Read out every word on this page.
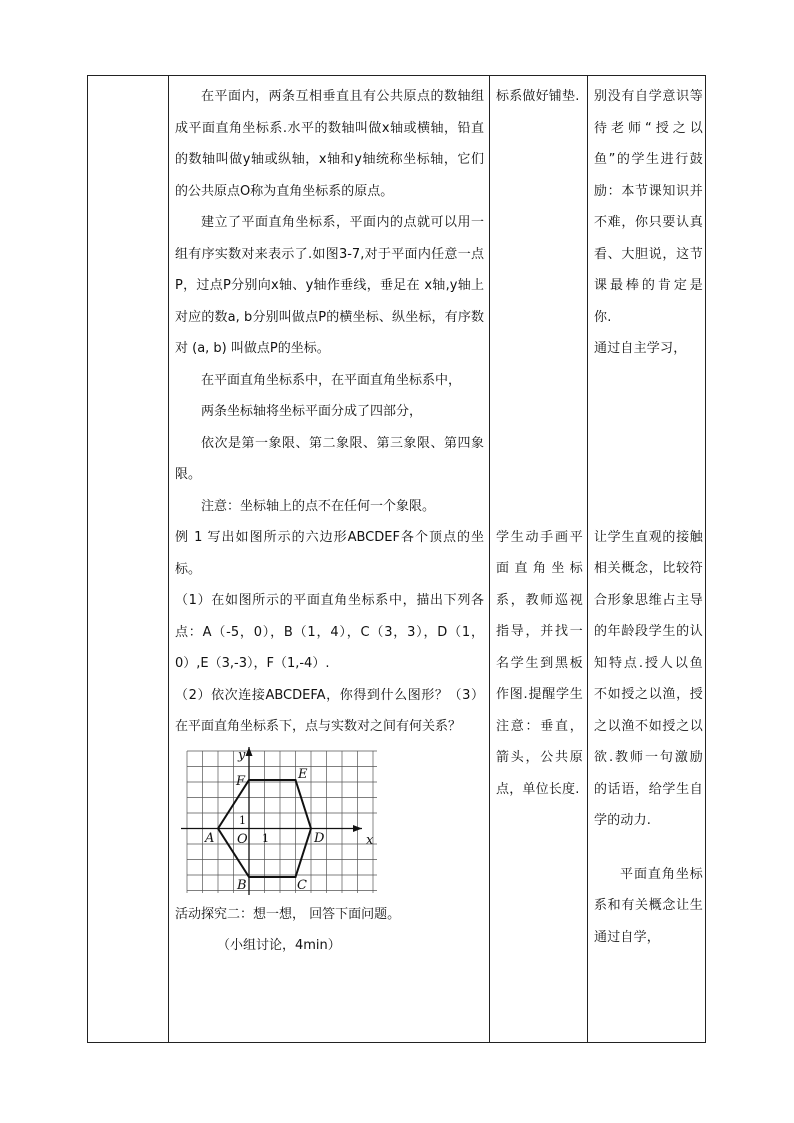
在平面内，两条互相垂直且有公共原点的数轴组成平面直角坐标系.水平的数轴叫做x轴或横轴，铅直的数轴叫做y轴或纵轴，x轴和y轴统称坐标轴，它们的公共原点O称为直角坐标系的原点。

建立了平面直角坐标系，平面内的点就可以用一组有序实数对来表示了.如图3-7,对于平面内任意一点P，过点P分别向x轴、y轴作垂线，垂足在 x轴,y轴上对应的数a, b分别叫做点P的横坐标、纵坐标，有序数对 (a, b) 叫做点P的坐标。

在平面直角坐标系中，在平面直角坐标系中，

两条坐标轴将坐标平面分成了四部分，

依次是第一象限、第二象限、第三象限、第四象限。

注意：坐标轴上的点不在任何一个象限。

例 1 写出如图所示的六边形ABCDEF各个顶点的坐标。

（1）在如图所示的平面直角坐标系中，描出下列各点：A（-5，0），B（1，4），C（3，3），D（1，0）,E（3,-3），F（1,-4）.

（2）依次连接ABCDEFA，你得到什么图形？（3）在平面直角坐标系下，点与实数对之间有何关系？

y
x
O
A
B	C
D
E
F
1
1

活动探究二：想一想， 回答下面问题。

（小组讨论，4min）

标系做好铺垫.

学生动手画平面直角坐标系，教师巡视指导，并找一名学生到黑板作图.提醒学生注意：垂直，箭头，公共原点，单位长度.

别没有自学意识等待老师“授之以鱼”的学生进行鼓励：本节课知识并不难，你只要认真看、大胆说，这节课最棒的肯定是你.

通过自主学习，

让学生直观的接触相关概念，比较符合形象思维占主导的年龄段学生的认知特点.授人以鱼不如授之以渔，授之以渔不如授之以欲.教师一句激励的话语，给学生自学的动力.

平面直角坐标系和有关概念让生通过自学，
